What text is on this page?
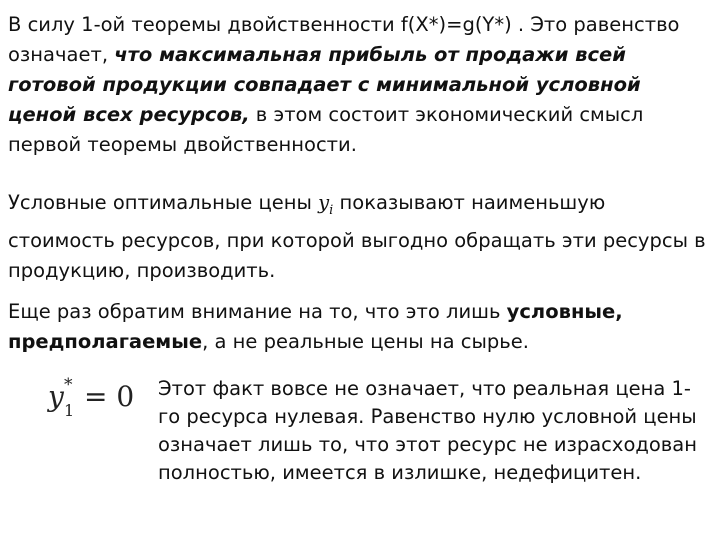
В силу 1-ой теоремы двойственности f(X*)=g(Y*) . Это равенство означает, что максимальная прибыль от продажи всей готовой продукции совпадает с минимальной условной ценой всех ресурсов, в этом состоит экономический смысл первой теоремы двойственности.

Условные оптимальные цены $y_i$ показывают наименьшую стоимость ресурсов, при которой выгодно обращать эти ресурсы в продукцию, производить.

Еще раз обратим внимание на то, что это лишь условные, предполагаемые, а не реальные цены на сырье.

y *
1 = 0 Этот факт вовсе не означает, что реальная цена 1-го ресурса нулевая. Равенство нулю условной цены означает лишь то, что этот ресурс не израсходован полностью, имеется в излишке, недефицитен.
